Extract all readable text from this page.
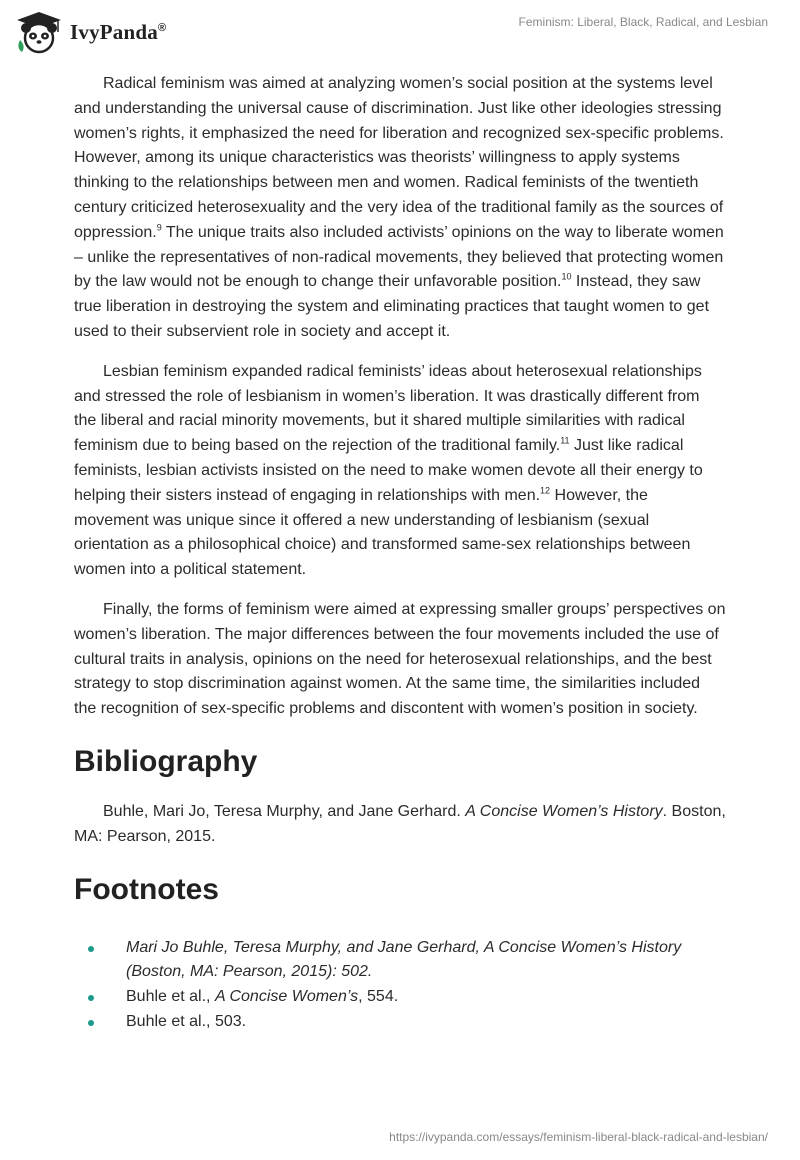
IvyPanda®	Feminism: Liberal, Black, Radical, and Lesbian

Radical feminism was aimed at analyzing women’s social position at the systems level and understanding the universal cause of discrimination. Just like other ideologies stressing women’s rights, it emphasized the need for liberation and recognized sex-specific problems. However, among its unique characteristics was theorists’ willingness to apply systems thinking to the relationships between men and women. Radical feminists of the twentieth century criticized heterosexuality and the very idea of the traditional family as the sources of oppression.$^9$ The unique traits also included activists’ opinions on the way to liberate women – unlike the representatives of non-radical movements, they believed that protecting women by the law would not be enough to change their unfavorable position.$^{10}$ Instead, they saw true liberation in destroying the system and eliminating practices that taught women to get used to their subservient role in society and accept it.

Lesbian feminism expanded radical feminists’ ideas about heterosexual relationships and stressed the role of lesbianism in women’s liberation. It was drastically different from the liberal and racial minority movements, but it shared multiple similarities with radical feminism due to being based on the rejection of the traditional family.$^{11}$ Just like radical feminists, lesbian activists insisted on the need to make women devote all their energy to helping their sisters instead of engaging in relationships with men.$^{12}$ However, the movement was unique since it offered a new understanding of lesbianism (sexual orientation as a philosophical choice) and transformed same-sex relationships between women into a political statement.

Finally, the forms of feminism were aimed at expressing smaller groups’ perspectives on women’s liberation. The major differences between the four movements included the use of cultural traits in analysis, opinions on the need for heterosexual relationships, and the best strategy to stop discrimination against women. At the same time, the similarities included the recognition of sex-specific problems and discontent with women’s position in society.

Bibliography

Buhle, Mari Jo, Teresa Murphy, and Jane Gerhard. A Concise Women’s History. Boston, MA: Pearson, 2015.

Footnotes
Mari Jo Buhle, Teresa Murphy, and Jane Gerhard, A Concise Women’s History (Boston, MA: Pearson, 2015): 502.
Buhle et al., A Concise Women’s, 554.
Buhle et al., 503.
https://ivypanda.com/essays/feminism-liberal-black-radical-and-lesbian/
